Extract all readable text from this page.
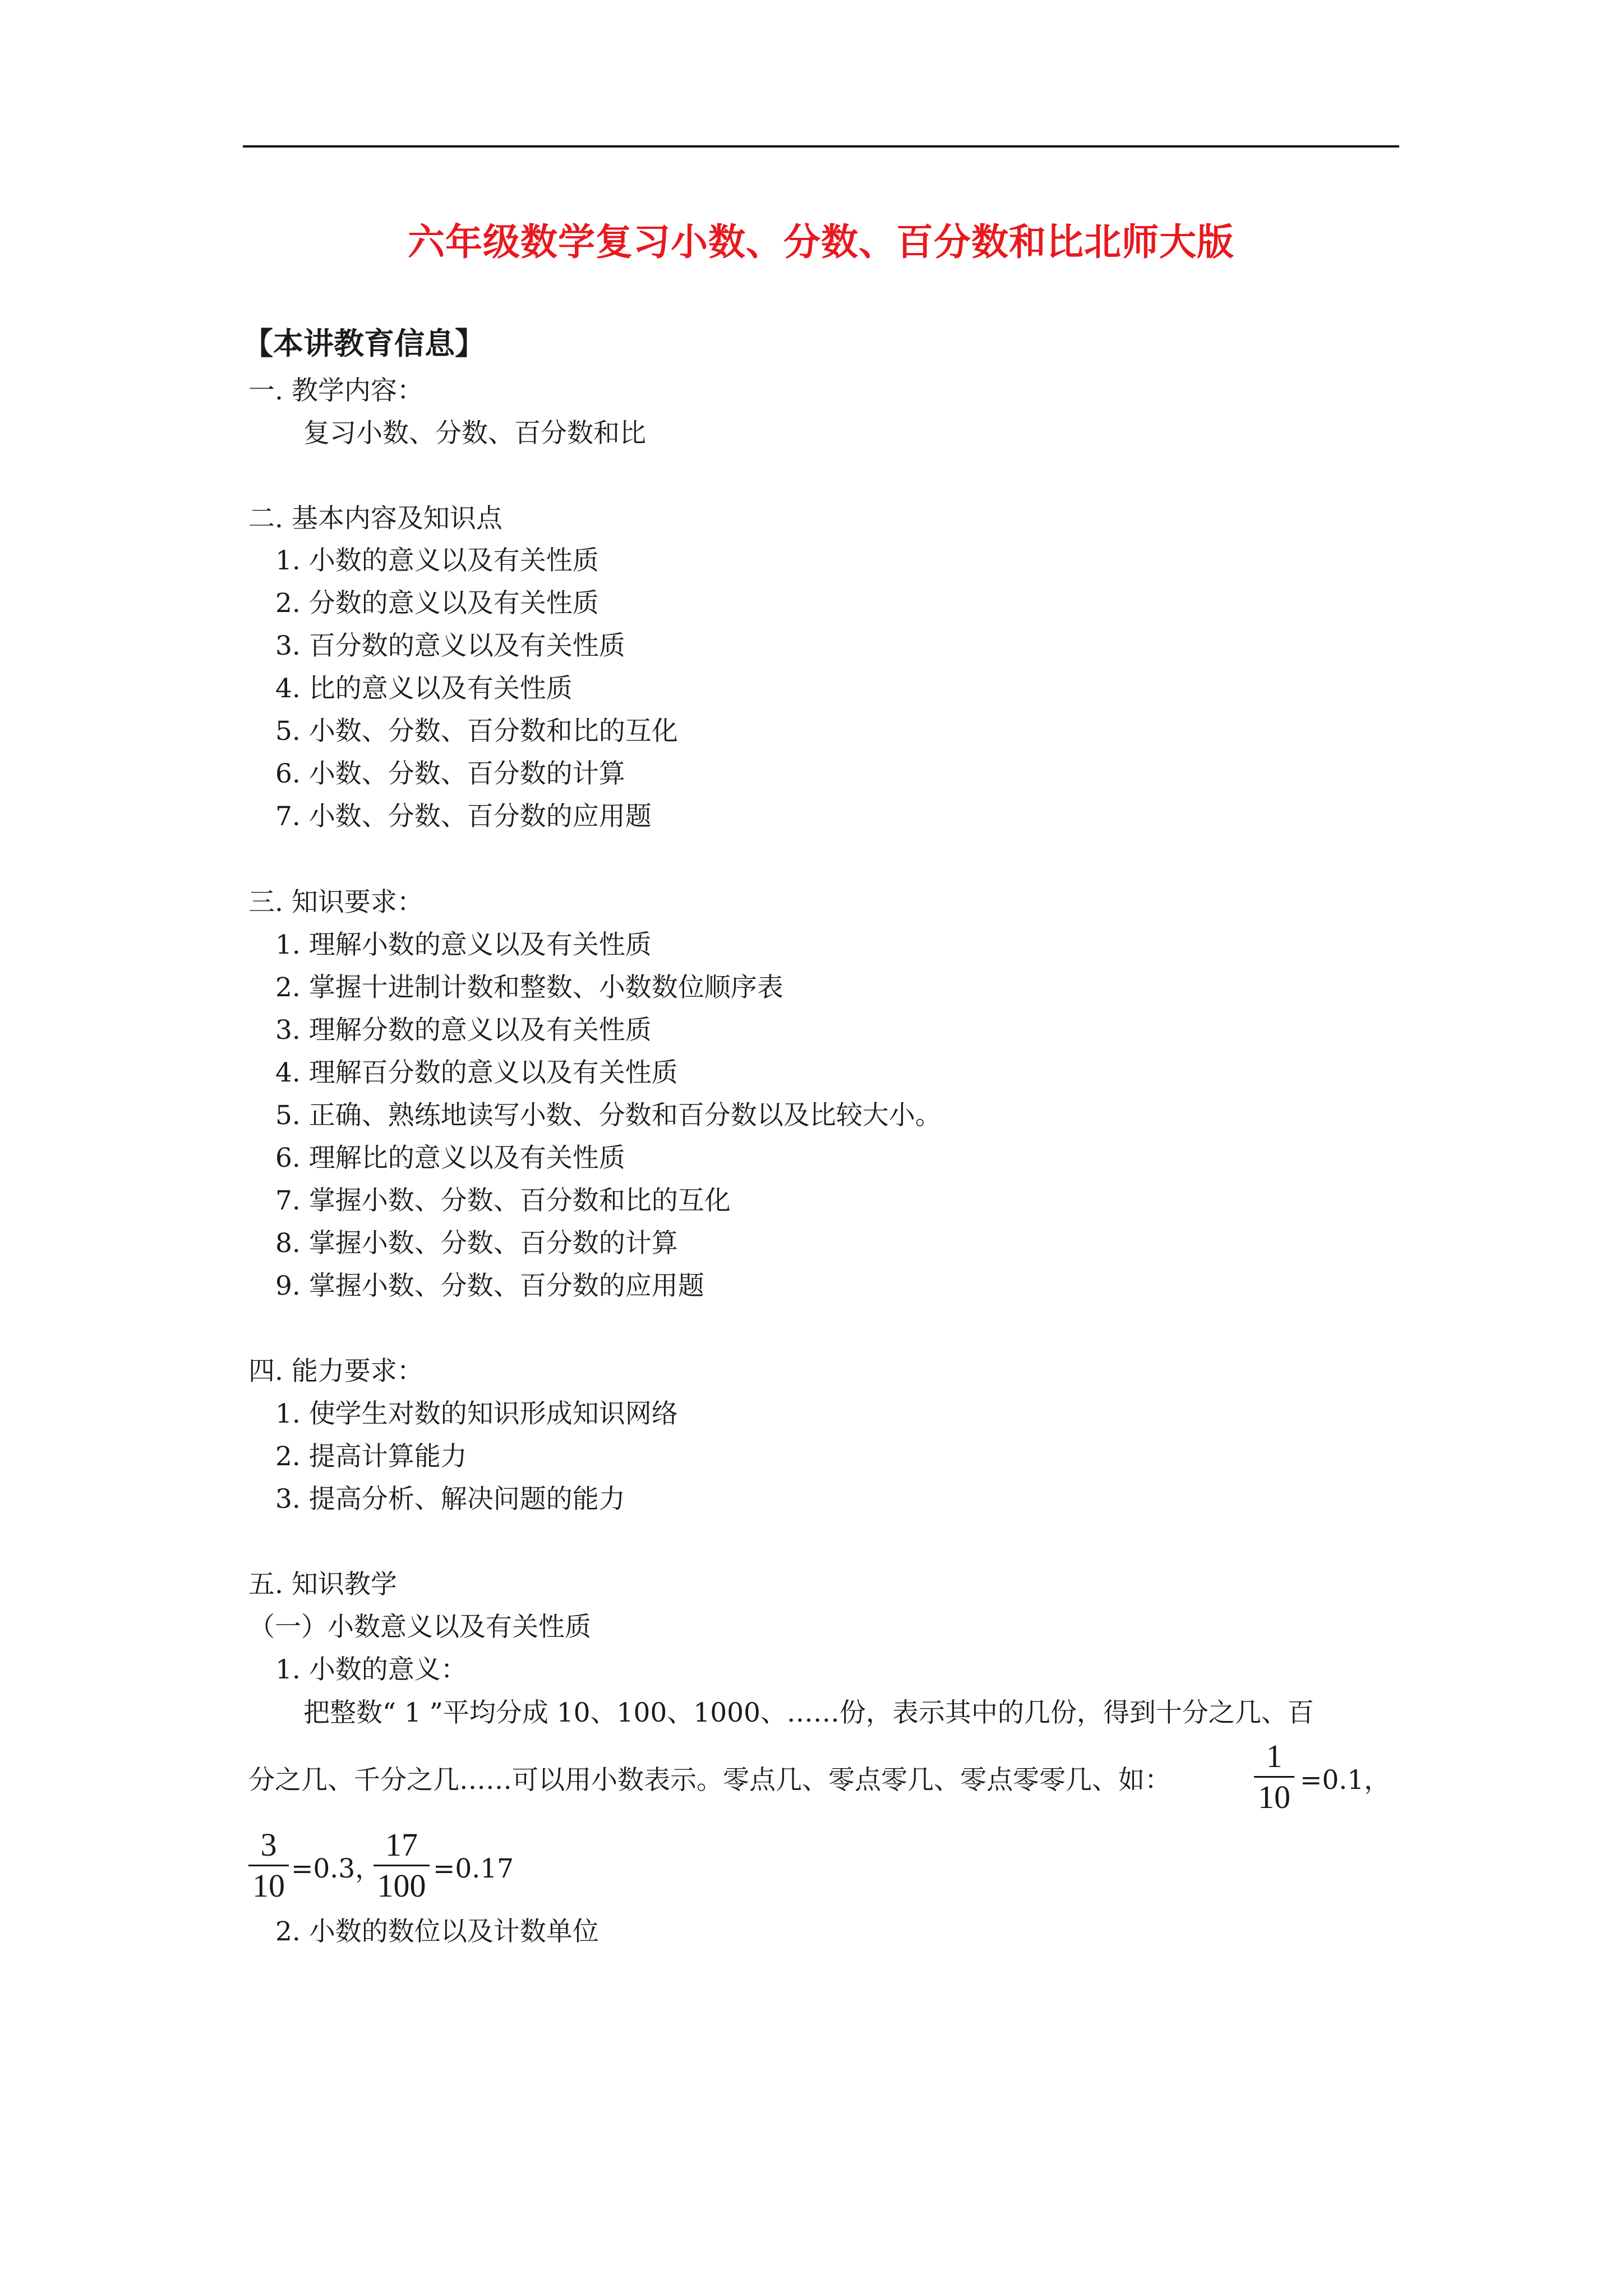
六年级数学复习小数、分数、百分数和比北师大版
【本讲教育信息】
一. 教学内容：
复习小数、分数、百分数和比
二. 基本内容及知识点
1. 小数的意义以及有关性质
2. 分数的意义以及有关性质
3. 百分数的意义以及有关性质
4. 比的意义以及有关性质
5. 小数、分数、百分数和比的互化
6. 小数、分数、百分数的计算
7. 小数、分数、百分数的应用题
三. 知识要求：
1. 理解小数的意义以及有关性质
2. 掌握十进制计数和整数、小数数位顺序表
3. 理解分数的意义以及有关性质
4. 理解百分数的意义以及有关性质
5. 正确、熟练地读写小数、分数和百分数以及比较大小。
6. 理解比的意义以及有关性质
7. 掌握小数、分数、百分数和比的互化
8. 掌握小数、分数、百分数的计算
9. 掌握小数、分数、百分数的应用题
四. 能力要求：
1. 使学生对数的知识形成知识网络
2. 提高计算能力
3. 提高分析、解决问题的能力
五. 知识教学
（一）小数意义以及有关性质
1. 小数的意义：
把整数“ 1 ”平均分成 10、100、1000、……份，表示其中的几份，得到十分之几、百
分之几、千分之几……可以用小数表示。零点几、零点零几、零点零零几、如：
1
10 =0.1，
3
10 =0.3，
17
100 =0.17
2. 小数的数位以及计数单位
